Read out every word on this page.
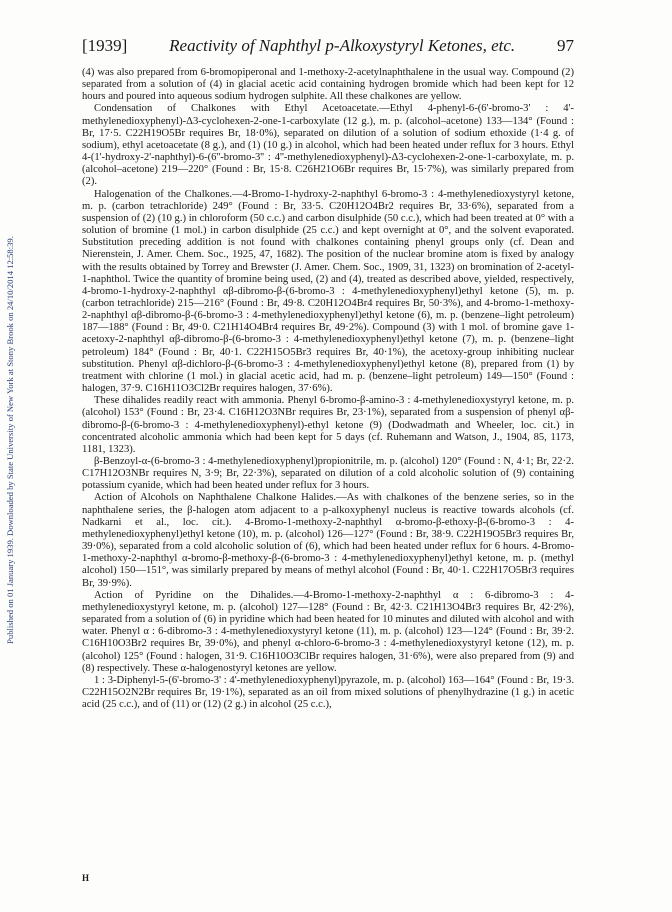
Published on 01 January 1939. Downloaded by State University of New York at Stony Brook on 24/10/2014 12:58:39.
[1939] Reactivity of Naphthyl p-Alkoxystyryl Ketones, etc. 97

(4) was also prepared from 6-bromopiperonal and 1-methoxy-2-acetylnaphthalene in the usual way. Compound (2) separated from a solution of (4) in glacial acetic acid containing hydrogen bromide which had been kept for 12 hours and poured into aqueous sodium hydrogen sulphite. All these chalkones are yellow.

Condensation of Chalkones with Ethyl Acetoacetate.—Ethyl 4-phenyl-6-(6'-bromo-3' : 4'-methylenedioxyphenyl)-Δ3-cyclohexen-2-one-1-carboxylate (12 g.), m. p. (alcohol–acetone) 133—134° (Found : Br, 17·5. C22H19O5Br requires Br, 18·0%), separated on dilution of a solution of sodium ethoxide (1·4 g. of sodium), ethyl acetoacetate (8 g.), and (1) (10 g.) in alcohol, which had been heated under reflux for 3 hours. Ethyl 4-(1'-hydroxy-2'-naphthyl)-6-(6''-bromo-3'' : 4''-methylenedioxyphenyl)-Δ3-cyclohexen-2-one-1-carboxylate, m. p. (alcohol–acetone) 219—220° (Found : Br, 15·8. C26H21O6Br requires Br, 15·7%), was similarly prepared from (2).

Halogenation of the Chalkones.—4-Bromo-1-hydroxy-2-naphthyl 6-bromo-3 : 4-methylenedioxystyryl ketone, m. p. (carbon tetrachloride) 249° (Found : Br, 33·5. C20H12O4Br2 requires Br, 33·6%), separated from a suspension of (2) (10 g.) in chloroform (50 c.c.) and carbon disulphide (50 c.c.), which had been treated at 0° with a solution of bromine (1 mol.) in carbon disulphide (25 c.c.) and kept overnight at 0°, and the solvent evaporated. Substitution preceding addition is not found with chalkones containing phenyl groups only (cf. Dean and Nierenstein, J. Amer. Chem. Soc., 1925, 47, 1682). The position of the nuclear bromine atom is fixed by analogy with the results obtained by Torrey and Brewster (J. Amer. Chem. Soc., 1909, 31, 1323) on bromination of 2-acetyl-1-naphthol. Twice the quantity of bromine being used, (2) and (4), treated as described above, yielded, respectively, 4-bromo-1-hydroxy-2-naphthyl αβ-dibromo-β-(6-bromo-3 : 4-methylenedioxyphenyl)ethyl ketone (5), m. p. (carbon tetrachloride) 215—216° (Found : Br, 49·8. C20H12O4Br4 requires Br, 50·3%), and 4-bromo-1-methoxy-2-naphthyl αβ-dibromo-β-(6-bromo-3 : 4-methylenedioxyphenyl)ethyl ketone (6), m. p. (benzene–light petroleum) 187—188° (Found : Br, 49·0. C21H14O4Br4 requires Br, 49·2%). Compound (3) with 1 mol. of bromine gave 1-acetoxy-2-naphthyl αβ-dibromo-β-(6-bromo-3 : 4-methylenedioxyphenyl)ethyl ketone (7), m. p. (benzene–light petroleum) 184° (Found : Br, 40·1. C22H15O5Br3 requires Br, 40·1%), the acetoxy-group inhibiting nuclear substitution. Phenyl αβ-dichloro-β-(6-bromo-3 : 4-methylenedioxyphenyl)ethyl ketone (8), prepared from (1) by treatment with chlorine (1 mol.) in glacial acetic acid, had m. p. (benzene–light petroleum) 149—150° (Found : halogen, 37·9. C16H11O3Cl2Br requires halogen, 37·6%).

These dihalides readily react with ammonia. Phenyl 6-bromo-β-amino-3 : 4-methylenedioxystyryl ketone, m. p. (alcohol) 153° (Found : Br, 23·4. C16H12O3NBr requires Br, 23·1%), separated from a suspension of phenyl αβ-dibromo-β-(6-bromo-3 : 4-methylenedioxyphenyl)-ethyl ketone (9) (Dodwadmath and Wheeler, loc. cit.) in concentrated alcoholic ammonia which had been kept for 5 days (cf. Ruhemann and Watson, J., 1904, 85, 1173, 1181, 1323).

β-Benzoyl-α-(6-bromo-3 : 4-methylenedioxyphenyl)propionitrile, m. p. (alcohol) 120° (Found : N, 4·1; Br, 22·2. C17H12O3NBr requires N, 3·9; Br, 22·3%), separated on dilution of a cold alcoholic solution of (9) containing potassium cyanide, which had been heated under reflux for 3 hours.

Action of Alcohols on Naphthalene Chalkone Halides.—As with chalkones of the benzene series, so in the naphthalene series, the β-halogen atom adjacent to a p-alkoxyphenyl nucleus is reactive towards alcohols (cf. Nadkarni et al., loc. cit.). 4-Bromo-1-methoxy-2-naphthyl α-bromo-β-ethoxy-β-(6-bromo-3 : 4-methylenedioxyphenyl)ethyl ketone (10), m. p. (alcohol) 126—127° (Found : Br, 38·9. C22H19O5Br3 requires Br, 39·0%), separated from a cold alcoholic solution of (6), which had been heated under reflux for 6 hours. 4-Bromo-1-methoxy-2-naphthyl α-bromo-β-methoxy-β-(6-bromo-3 : 4-methylenedioxyphenyl)ethyl ketone, m. p. (methyl alcohol) 150—151°, was similarly prepared by means of methyl alcohol (Found : Br, 40·1. C22H17O5Br3 requires Br, 39·9%).

Action of Pyridine on the Dihalides.—4-Bromo-1-methoxy-2-naphthyl α : 6-dibromo-3 : 4-methylenedioxystyryl ketone, m. p. (alcohol) 127—128° (Found : Br, 42·3. C21H13O4Br3 requires Br, 42·2%), separated from a solution of (6) in pyridine which had been heated for 10 minutes and diluted with alcohol and with water. Phenyl α : 6-dibromo-3 : 4-methylenedioxystyryl ketone (11), m. p. (alcohol) 123—124° (Found : Br, 39·2. C16H10O3Br2 requires Br, 39·0%), and phenyl α-chloro-6-bromo-3 : 4-methylenedioxystyryl ketone (12), m. p. (alcohol) 125° (Found : halogen, 31·9. C16H10O3ClBr requires halogen, 31·6%), were also prepared from (9) and (8) respectively. These α-halogenostyryl ketones are yellow.

1 : 3-Diphenyl-5-(6'-bromo-3' : 4'-methylenedioxyphenyl)pyrazole, m. p. (alcohol) 163—164° (Found : Br, 19·3. C22H15O2N2Br requires Br, 19·1%), separated as an oil from mixed solutions of phenylhydrazine (1 g.) in acetic acid (25 c.c.), and of (11) or (12) (2 g.) in alcohol (25 c.c.),

H
